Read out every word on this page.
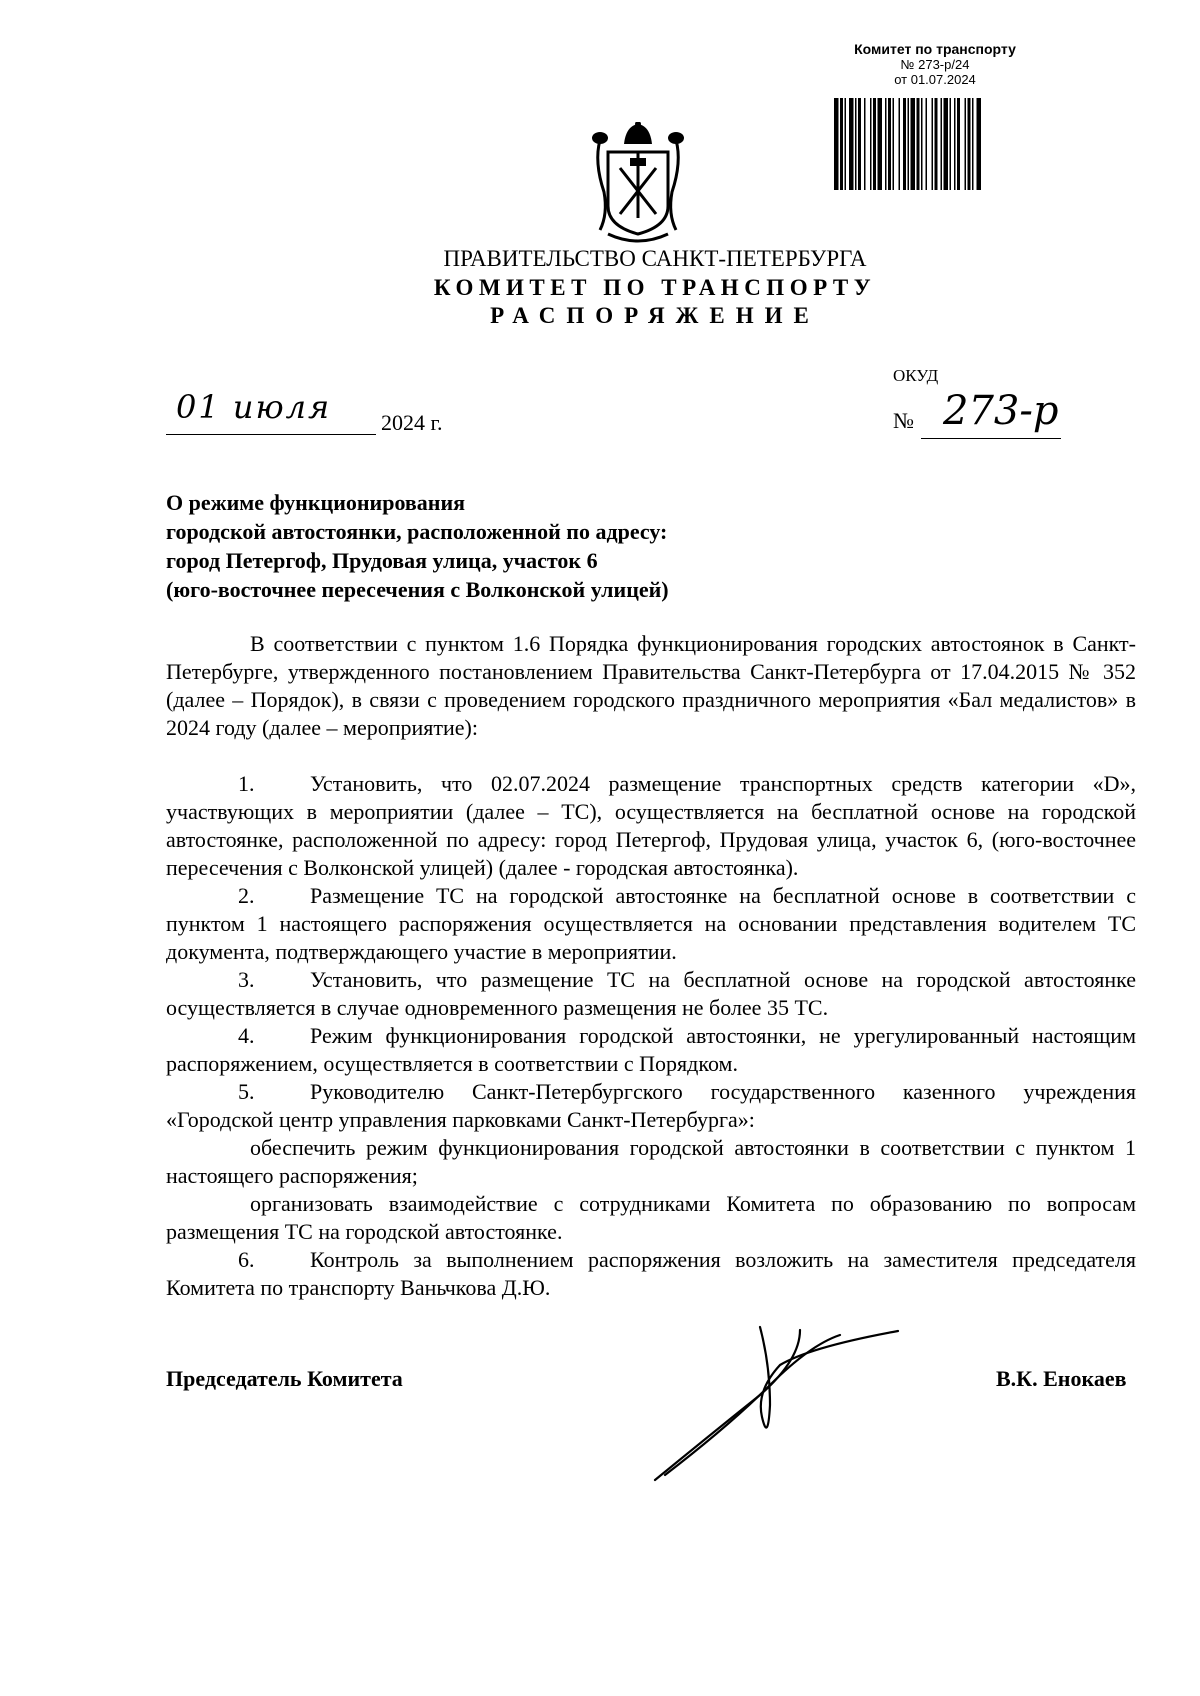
Комитет по транспорту
№ 273-р/24
от 01.07.2024
ПРАВИТЕЛЬСТВО САНКТ-ПЕТЕРБУРГА
КОМИТЕТ ПО ТРАНСПОРТУ
РАСПОРЯЖЕНИЕ
ОКУД
01 июля 2024 г.	№ 273-р
О режиме функционирования
городской автостоянки, расположенной по адресу:
город Петергоф, Прудовая улица, участок 6
(юго-восточнее пересечения с Волконской улицей)

В соответствии с пунктом 1.6 Порядка функционирования городских автостоянок в Санкт-Петербурге, утвержденного постановлением Правительства Санкт-Петербурга от 17.04.2015 № 352 (далее – Порядок), в связи с проведением городского праздничного мероприятия «Бал медалистов» в 2024 году (далее – мероприятие):

1.	Установить, что 02.07.2024 размещение транспортных средств категории «D», участвующих в мероприятии (далее – ТС), осуществляется на бесплатной основе на городской автостоянке, расположенной по адресу: город Петергоф, Прудовая улица, участок 6, (юго-восточнее пересечения с Волконской улицей) (далее - городская автостоянка).

2.	Размещение ТС на городской автостоянке на бесплатной основе в соответствии с пунктом 1 настоящего распоряжения осуществляется на основании представления водителем ТС документа, подтверждающего участие в мероприятии.

3.	Установить, что размещение ТС на бесплатной основе на городской автостоянке осуществляется в случае одновременного размещения не более 35 ТС.

4.	Режим функционирования городской автостоянки, не урегулированный настоящим распоряжением, осуществляется в соответствии с Порядком.

5.	Руководителю Санкт-Петербургского государственного казенного учреждения «Городской центр управления парковками Санкт-Петербурга»:

обеспечить режим функционирования городской автостоянки в соответствии с пунктом 1 настоящего распоряжения;

организовать взаимодействие с сотрудниками Комитета по образованию по вопросам размещения ТС на городской автостоянке.

6.	Контроль за выполнением распоряжения возложить на заместителя председателя Комитета по транспорту Ваньчкова Д.Ю.

Председатель Комитета	В.К. Енокаев
